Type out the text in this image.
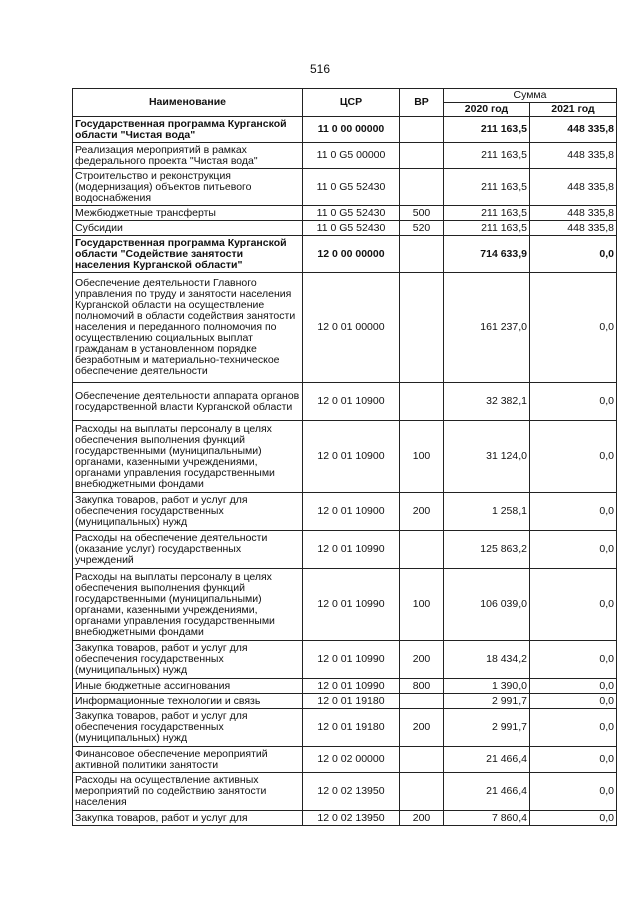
516
Наименование	ЦСР	ВР	Сумма	
			2020 год	2021 год
Государственная программа Курганской области "Чистая вода"	11 0 00 00000		211 163,5	448 335,8
Реализация мероприятий в рамках федерального проекта "Чистая вода"	11 0 G5 00000		211 163,5	448 335,8
Строительство и реконструкция (модернизация) объектов питьевого водоснабжения	11 0 G5 52430		211 163,5	448 335,8
Межбюджетные трансферты	11 0 G5 52430	500	211 163,5	448 335,8
Субсидии	11 0 G5 52430	520	211 163,5	448 335,8
Государственная программа Курганской области "Содействие занятости населения Курганской области"	12 0 00 00000		714 633,9	0,0
Обеспечение деятельности Главного управления по труду и занятости населения Курганской области на осуществление полномочий в области содействия занятости населения и переданного полномочия по осуществлению социальных выплат гражданам в установленном порядке безработным и материально-техническое обеспечение деятельности	12 0 01 00000		161 237,0	0,0
Обеспечение деятельности аппарата органов государственной власти Курганской области	12 0 01 10900		32 382,1	0,0
Расходы на выплаты персоналу в целях обеспечения выполнения функций государственными (муниципальными) органами, казенными учреждениями, органами управления государственными внебюджетными фондами	12 0 01 10900	100	31 124,0	0,0
Закупка товаров, работ и услуг для обеспечения государственных (муниципальных) нужд	12 0 01 10900	200	1 258,1	0,0
Расходы на обеспечение деятельности (оказание услуг) государственных учреждений	12 0 01 10990		125 863,2	0,0
Расходы на выплаты персоналу в целях обеспечения выполнения функций государственными (муниципальными) органами, казенными учреждениями, органами управления государственными внебюджетными фондами	12 0 01 10990	100	106 039,0	0,0
Закупка товаров, работ и услуг для обеспечения государственных (муниципальных) нужд	12 0 01 10990	200	18 434,2	0,0
Иные бюджетные ассигнования	12 0 01 10990	800	1 390,0	0,0
Информационные технологии и связь	12 0 01 19180		2 991,7	0,0
Закупка товаров, работ и услуг для обеспечения государственных (муниципальных) нужд	12 0 01 19180	200	2 991,7	0,0
Финансовое обеспечение мероприятий активной политики занятости	12 0 02 00000		21 466,4	0,0
Расходы на осуществление активных мероприятий по содействию занятости населения	12 0 02 13950		21 466,4	0,0
Закупка товаров, работ и услуг для	12 0 02 13950	200	7 860,4	0,0
